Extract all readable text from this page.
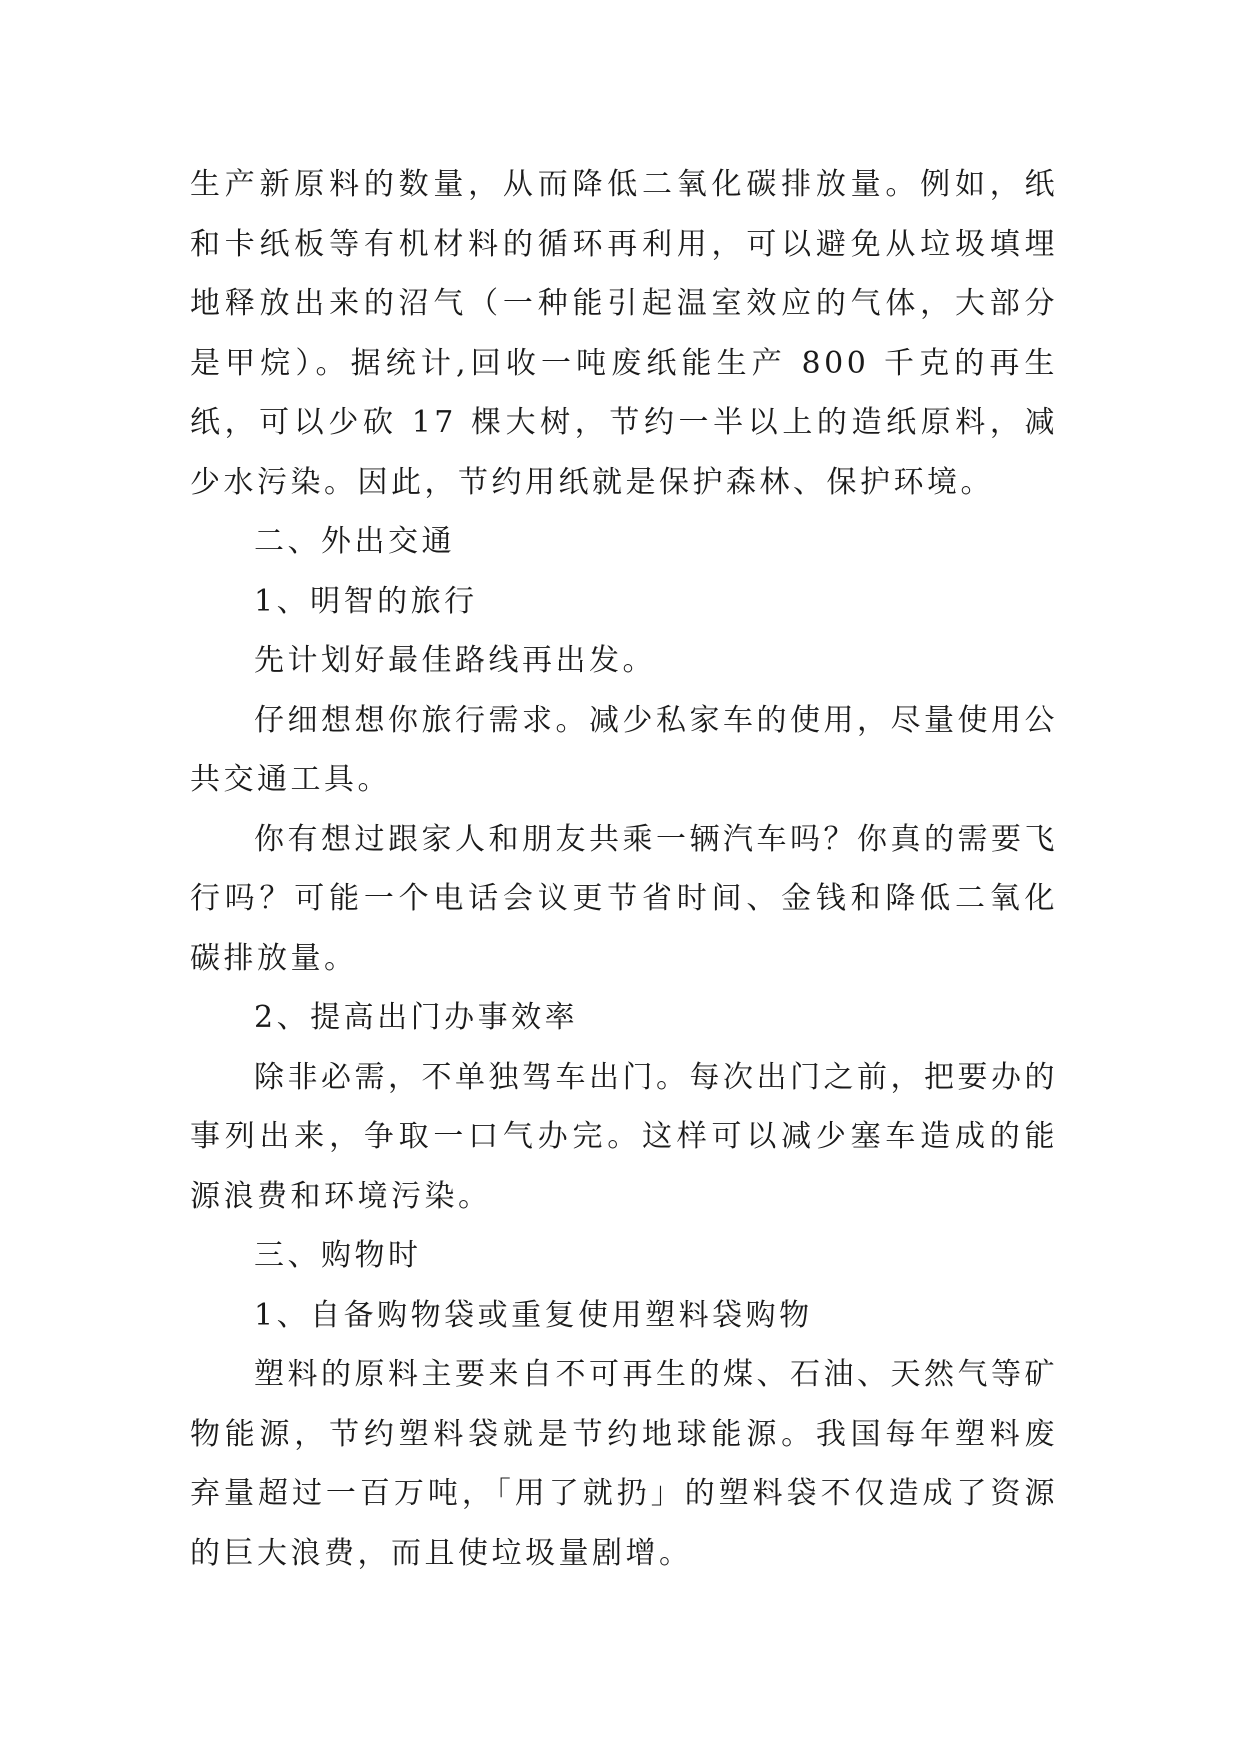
生产新原料的数量，从而降低二氧化碳排放量。例如，纸和卡纸板等有机材料的循环再利用，可以避免从垃圾填埋地释放出来的沼气（一种能引起温室效应的气体，大部分是甲烷）。据统计,回收一吨废纸能生产 800 千克的再生纸，可以少砍 17 棵大树，节约一半以上的造纸原料，减少水污染。因此，节约用纸就是保护森林、保护环境。

二、外出交通

1、明智的旅行

先计划好最佳路线再出发。

仔细想想你旅行需求。减少私家车的使用，尽量使用公共交通工具。

你有想过跟家人和朋友共乘一辆汽车吗？你真的需要飞行吗？可能一个电话会议更节省时间、金钱和降低二氧化碳排放量。

2、提高出门办事效率

除非必需，不单独驾车出门。每次出门之前，把要办的事列出来，争取一口气办完。这样可以减少塞车造成的能源浪费和环境污染。

三、购物时

1、自备购物袋或重复使用塑料袋购物

塑料的原料主要来自不可再生的煤、石油、天然气等矿物能源，节约塑料袋就是节约地球能源。我国每年塑料废弃量超过一百万吨，「用了就扔」的塑料袋不仅造成了资源的巨大浪费，而且使垃圾量剧增。
